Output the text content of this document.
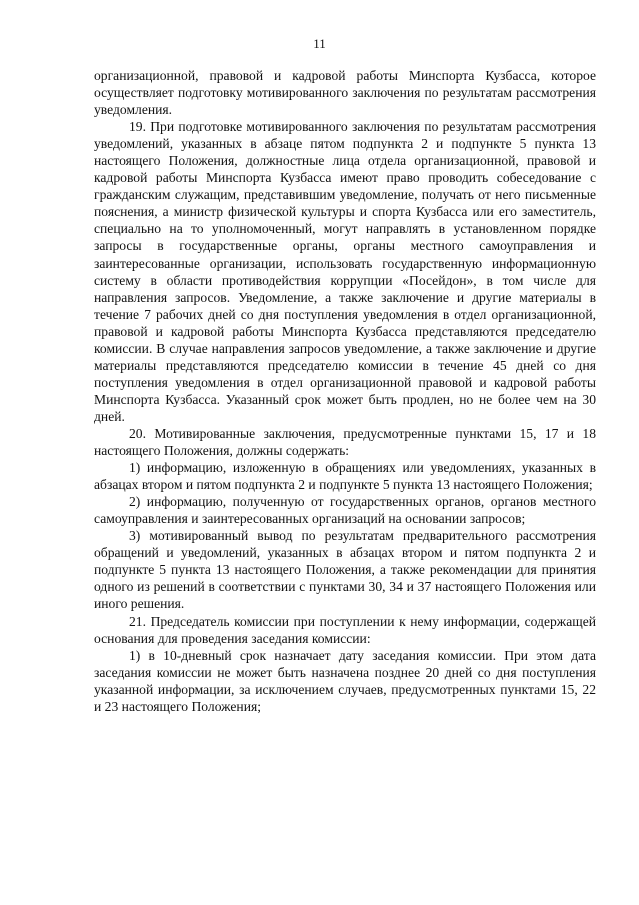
11

организационной, правовой и кадровой работы Минспорта Кузбасса, которое осуществляет подготовку мотивированного заключения по результатам рассмотрения уведомления.

19. При подготовке мотивированного заключения по результатам рассмотрения уведомлений, указанных в абзаце пятом подпункта 2 и подпункте 5 пункта 13 настоящего Положения, должностные лица отдела организационной, правовой и кадровой работы Минспорта Кузбасса имеют право проводить собеседование с гражданским служащим, представившим уведомление, получать от него письменные пояснения, а министр физической культуры и спорта Кузбасса или его заместитель, специально на то уполномоченный, могут направлять в установленном порядке запросы в государственные органы, органы местного самоуправления и заинтересованные организации, использовать государственную информационную систему в области противодействия коррупции «Посейдон», в том числе для направления запросов. Уведомление, а также заключение и другие материалы в течение 7 рабочих дней со дня поступления уведомления в отдел организационной, правовой и кадровой работы Минспорта Кузбасса представляются председателю комиссии. В случае направления запросов уведомление, а также заключение и другие материалы представляются председателю комиссии в течение 45 дней со дня поступления уведомления в отдел организационной правовой и кадровой работы Минспорта Кузбасса. Указанный срок может быть продлен, но не более чем на 30 дней.

20. Мотивированные заключения, предусмотренные пунктами 15, 17 и 18 настоящего Положения, должны содержать:

1) информацию, изложенную в обращениях или уведомлениях, указанных в абзацах втором и пятом подпункта 2 и подпункте 5 пункта 13 настоящего Положения;

2) информацию, полученную от государственных органов, органов местного самоуправления и заинтересованных организаций на основании запросов;

3) мотивированный вывод по результатам предварительного рассмотрения обращений и уведомлений, указанных в абзацах втором и пятом подпункта 2 и подпункте 5 пункта 13 настоящего Положения, а также рекомендации для принятия одного из решений в соответствии с пунктами 30, 34 и 37 настоящего Положения или иного решения.

21. Председатель комиссии при поступлении к нему информации, содержащей основания для проведения заседания комиссии:

1) в 10-дневный срок назначает дату заседания комиссии. При этом дата заседания комиссии не может быть назначена позднее 20 дней со дня поступления указанной информации, за исключением случаев, предусмотренных пунктами 15, 22 и 23 настоящего Положения;
